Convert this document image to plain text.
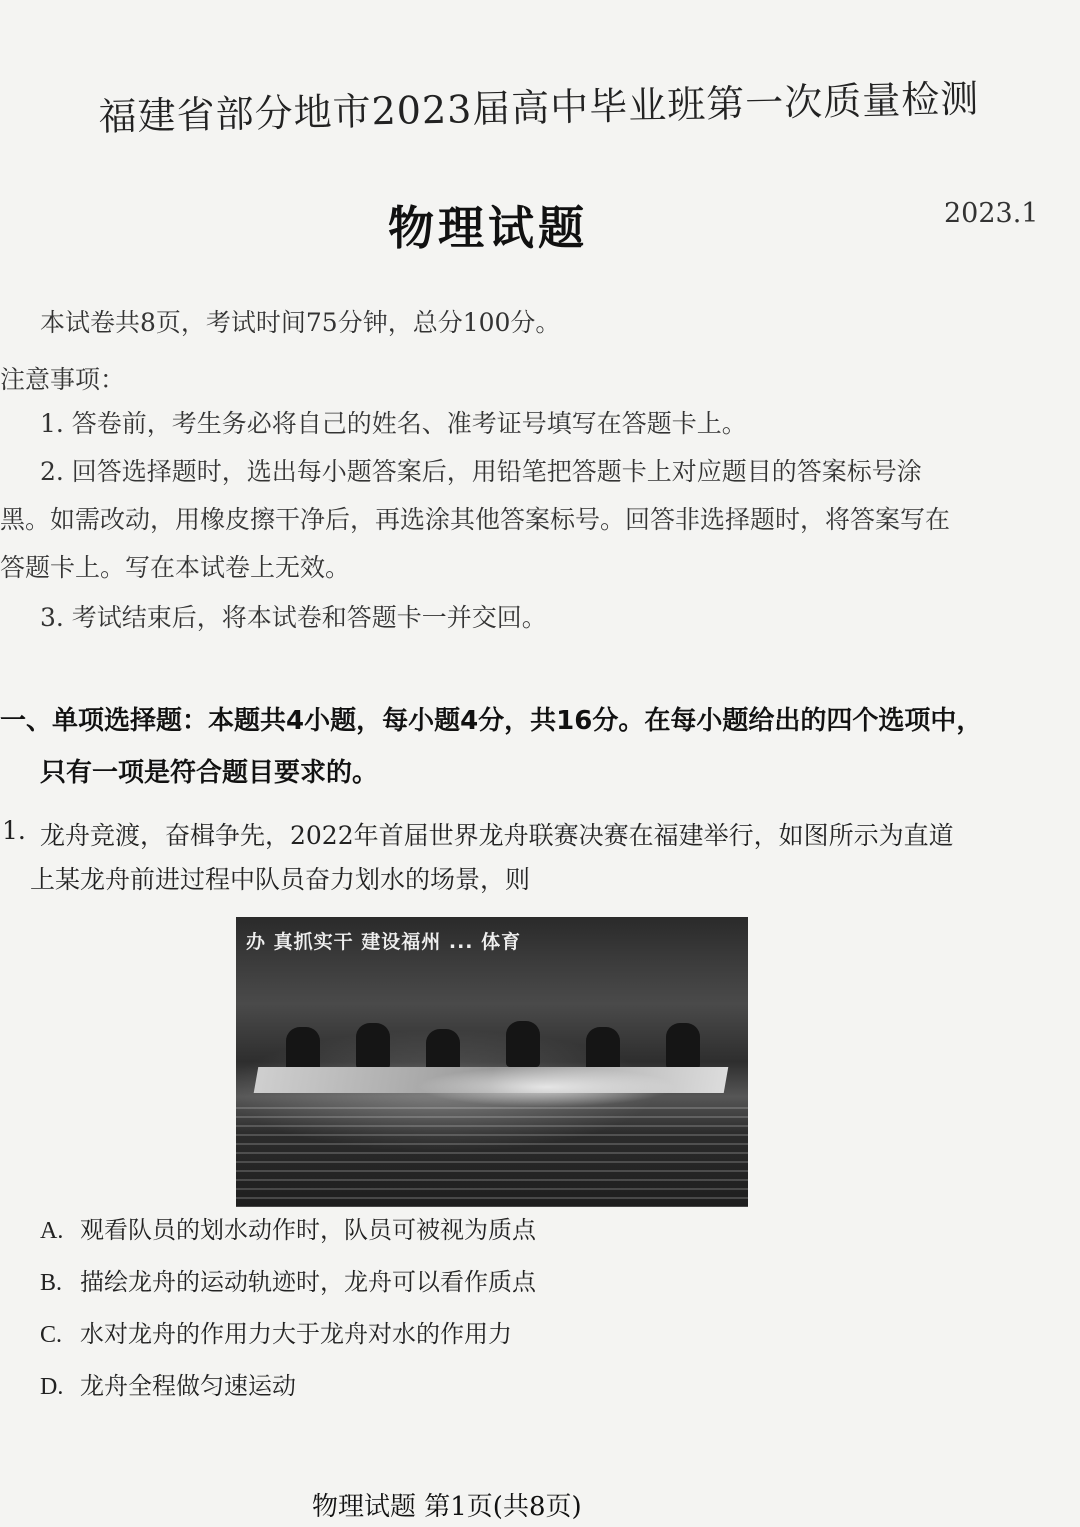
福建省部分地市2023届高中毕业班第一次质量检测
物理试题	2023.1
本试卷共8页，考试时间75分钟，总分100分。
注意事项：
1. 答卷前，考生务必将自己的姓名、准考证号填写在答题卡上。
2. 回答选择题时，选出每小题答案后，用铅笔把答题卡上对应题目的答案标号涂
黑。如需改动，用橡皮擦干净后，再选涂其他答案标号。回答非选择题时，将答案写在
答题卡上。写在本试卷上无效。
3. 考试结束后，将本试卷和答题卡一并交回。
一、单项选择题：本题共4小题，每小题4分，共16分。在每小题给出的四个选项中，
只有一项是符合题目要求的。
1. 龙舟竞渡，奋楫争先，2022年首届世界龙舟联赛决赛在福建举行，如图所示为直道
上某龙舟前进过程中队员奋力划水的场景，则
办 真抓实干 建设福州 ... 体育
A. 观看队员的划水动作时，队员可被视为质点
B. 描绘龙舟的运动轨迹时，龙舟可以看作质点
C. 水对龙舟的作用力大于龙舟对水的作用力
D. 龙舟全程做匀速运动
物理试题 第1页(共8页)
